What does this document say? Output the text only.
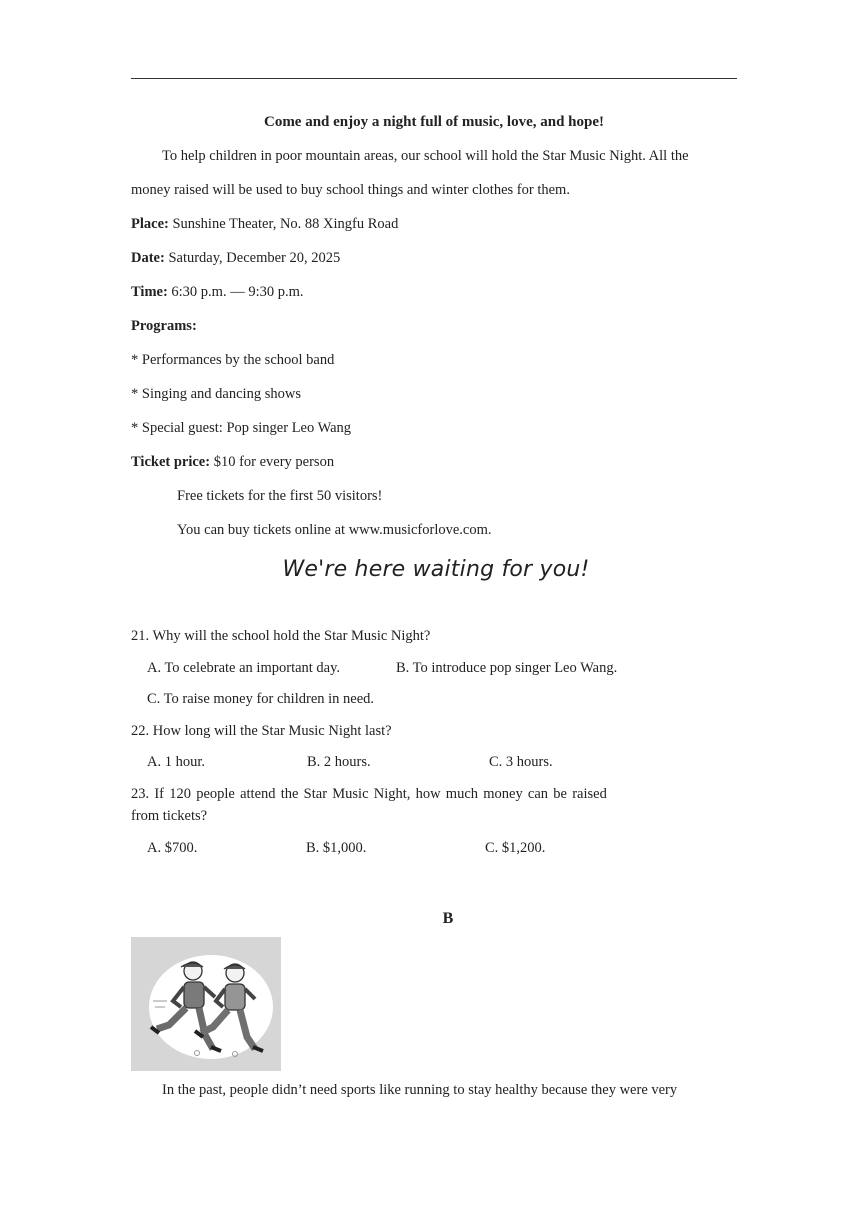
Come and enjoy a night full of music, love, and hope!
To help children in poor mountain areas, our school will hold the Star Music Night. All the
money raised will be used to buy school things and winter clothes for them.
Place: Sunshine Theater, No. 88 Xingfu Road
Date: Saturday, December 20, 2025
Time: 6:30 p.m. — 9:30 p.m.
Programs:
* Performances by the school band
* Singing and dancing shows
* Special guest: Pop singer Leo Wang
Ticket price: $10 for every person
Free tickets for the first 50 visitors!
You can buy tickets online at www.musicforlove.com.
We're here waiting for you!
21. Why will the school hold the Star Music Night?
A. To celebrate an important day.	B. To introduce pop singer Leo Wang.
C. To raise money for children in need.
22. How long will the Star Music Night last?
A. 1 hour.	B. 2 hours.	C. 3 hours.
23. If 120 people attend the Star Music Night, how much money can be raised
from tickets?
A. $700.	B. $1,000.	C. $1,200.
B
In the past, people didn’t need sports like running to stay healthy because they were very
